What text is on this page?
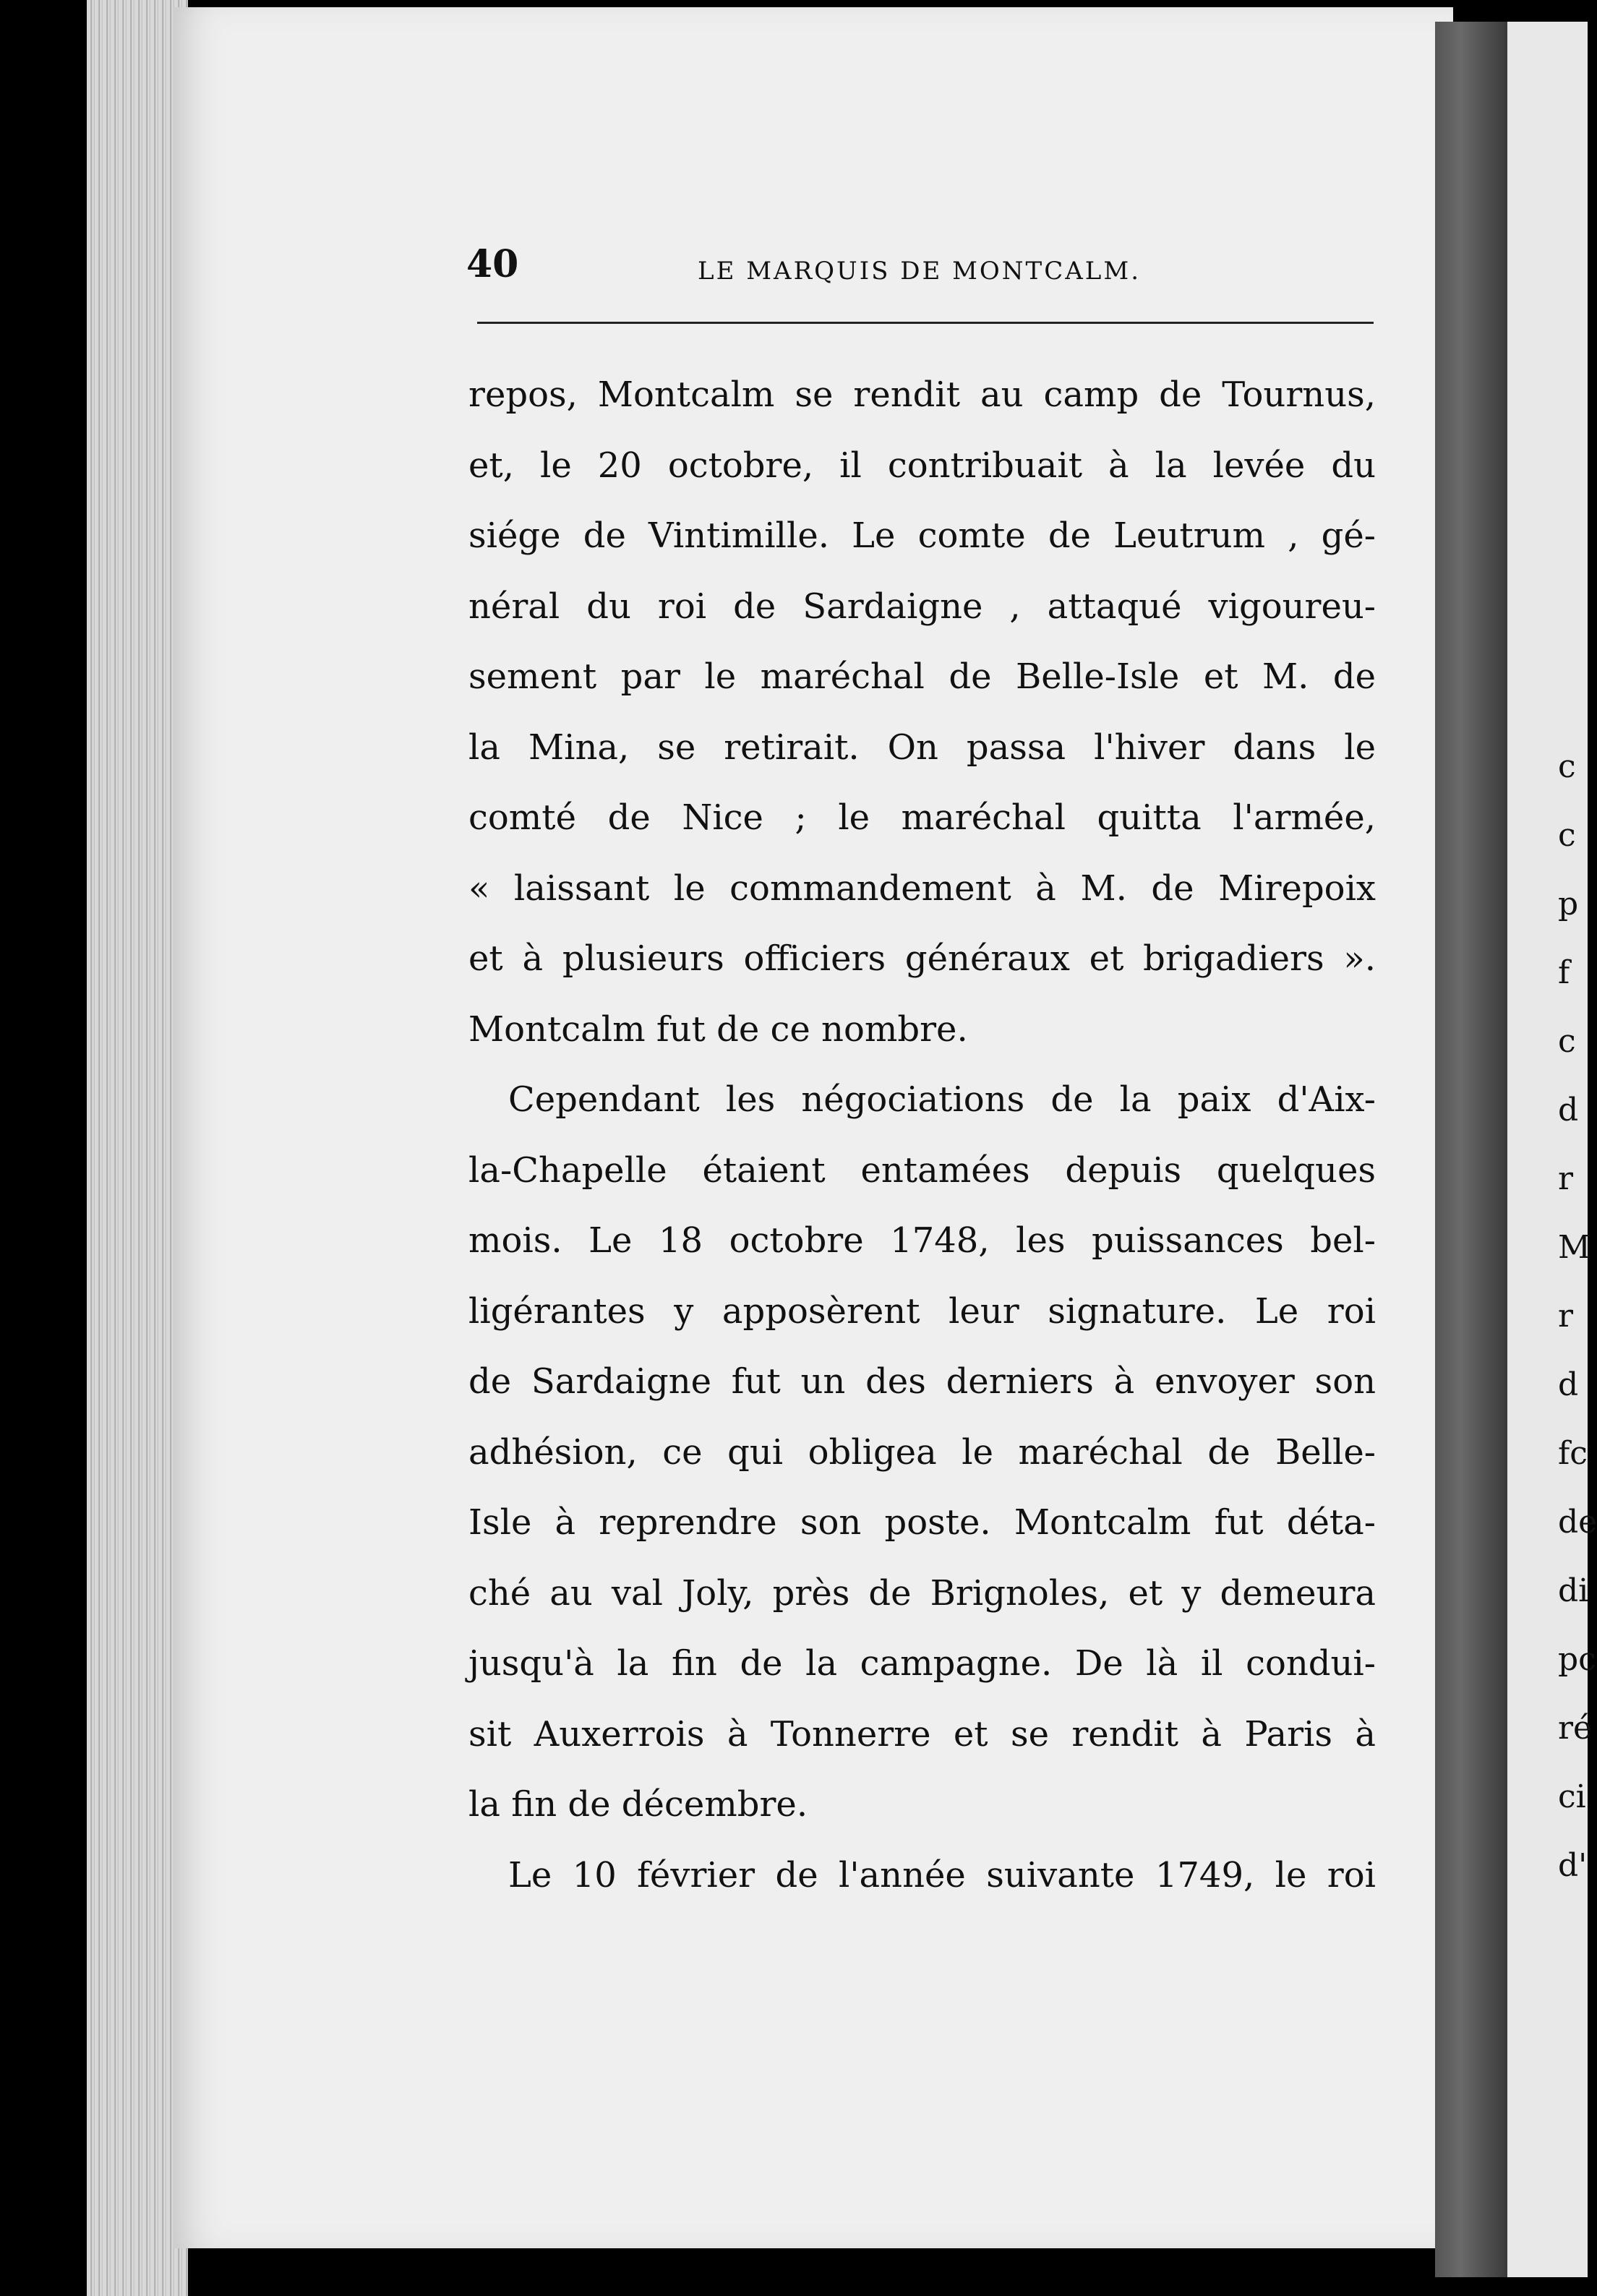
c
c
p
f
c
d
r
M
r
d
fc
de
di
pc
ré
ci
d'
40	LE MARQUIS DE MONTCALM.
repos, Montcalm se rendit au camp de Tournus,
et, le 20 octobre, il contribuait à la levée du
siége de Vintimille. Le comte de Leutrum , gé-
néral du roi de Sardaigne , attaqué vigoureu-
sement par le maréchal de Belle-Isle et M. de
la Mina, se retirait. On passa l'hiver dans le
comté de Nice ; le maréchal quitta l'armée,
« laissant le commandement à M. de Mirepoix
et à plusieurs officiers généraux et brigadiers ».
Montcalm fut de ce nombre.
Cependant les négociations de la paix d'Aix-
la-Chapelle étaient entamées depuis quelques
mois. Le 18 octobre 1748, les puissances bel-
ligérantes y apposèrent leur signature. Le roi
de Sardaigne fut un des derniers à envoyer son
adhésion, ce qui obligea le maréchal de Belle-
Isle à reprendre son poste. Montcalm fut déta-
ché au val Joly, près de Brignoles, et y demeura
jusqu'à la fin de la campagne. De là il condui-
sit Auxerrois à Tonnerre et se rendit à Paris à
la fin de décembre.
Le 10 février de l'année suivante 1749, le roi
